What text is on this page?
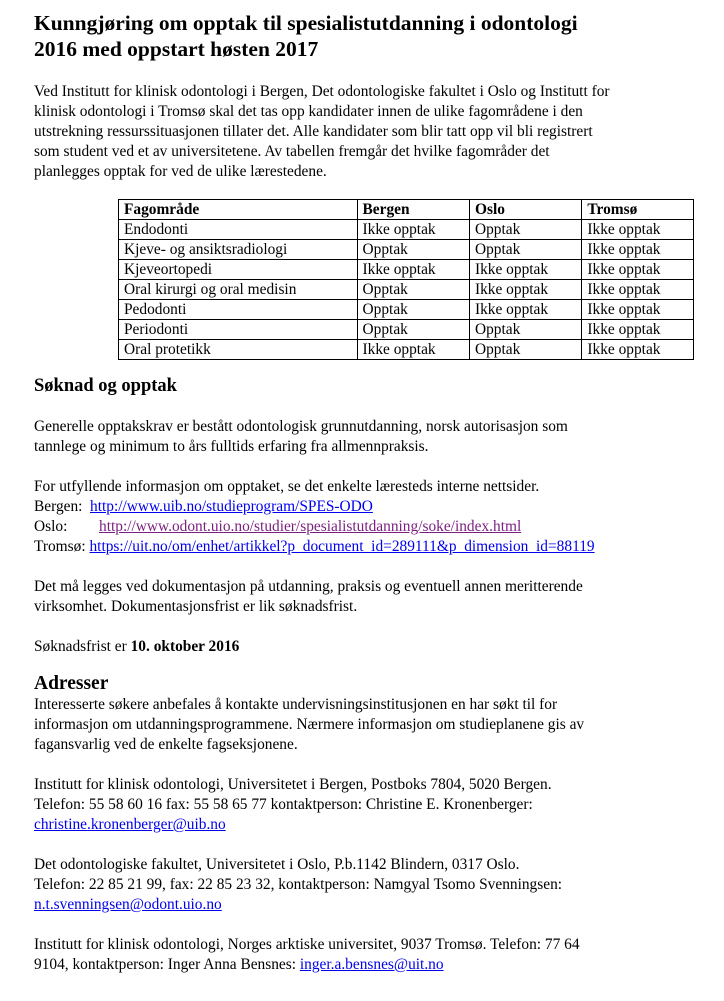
Kunngjøring om opptak til spesialistutdanning i odontologi
2016 med oppstart høsten 2017
Ved Institutt for klinisk odontologi i Bergen, Det odontologiske fakultet i Oslo og Institutt for
klinisk odontologi i Tromsø skal det tas opp kandidater innen de ulike fagområdene i den
utstrekning ressurssituasjonen tillater det. Alle kandidater som blir tatt opp vil bli registrert
som student ved et av universitetene. Av tabellen fremgår det hvilke fagområder det
planlegges opptak for ved de ulike lærestedene.
Fagområde	Bergen	Oslo	Tromsø
Endodonti	Ikke opptak	Opptak	Ikke opptak
Kjeve- og ansiktsradiologi	Opptak	Opptak	Ikke opptak
Kjeveortopedi	Ikke opptak	Ikke opptak	Ikke opptak
Oral kirurgi og oral medisin	Opptak	Ikke opptak	Ikke opptak
Pedodonti	Opptak	Ikke opptak	Ikke opptak
Periodonti	Opptak	Opptak	Ikke opptak
Oral protetikk	Ikke opptak	Opptak	Ikke opptak
Søknad og opptak
Generelle opptakskrav er bestått odontologisk grunnutdanning, norsk autorisasjon som
tannlege og minimum to års fulltids erfaring fra allmennpraksis.
For utfyllende informasjon om opptaket, se det enkelte læresteds interne nettsider.
Bergen: http://www.uib.no/studieprogram/SPES-ODO
Oslo: http://www.odont.uio.no/studier/spesialistutdanning/soke/index.html
Tromsø: https://uit.no/om/enhet/artikkel?p_document_id=289111&p_dimension_id=88119
Det må legges ved dokumentasjon på utdanning, praksis og eventuell annen meritterende
virksomhet. Dokumentasjonsfrist er lik søknadsfrist.
Søknadsfrist er 10. oktober 2016
Adresser
Interesserte søkere anbefales å kontakte undervisningsinstitusjonen en har søkt til for
informasjon om utdanningsprogrammene. Nærmere informasjon om studieplanene gis av
fagansvarlig ved de enkelte fagseksjonene.
Institutt for klinisk odontologi, Universitetet i Bergen, Postboks 7804, 5020 Bergen.
Telefon: 55 58 60 16 fax: 55 58 65 77 kontaktperson: Christine E. Kronenberger:
christine.kronenberger@uib.no
Det odontologiske fakultet, Universitetet i Oslo, P.b.1142 Blindern, 0317 Oslo.
Telefon: 22 85 21 99, fax: 22 85 23 32, kontaktperson: Namgyal Tsomo Svenningsen:
n.t.svenningsen@odont.uio.no
Institutt for klinisk odontologi, Norges arktiske universitet, 9037 Tromsø. Telefon: 77 64
9104, kontaktperson: Inger Anna Bensnes: inger.a.bensnes@uit.no
